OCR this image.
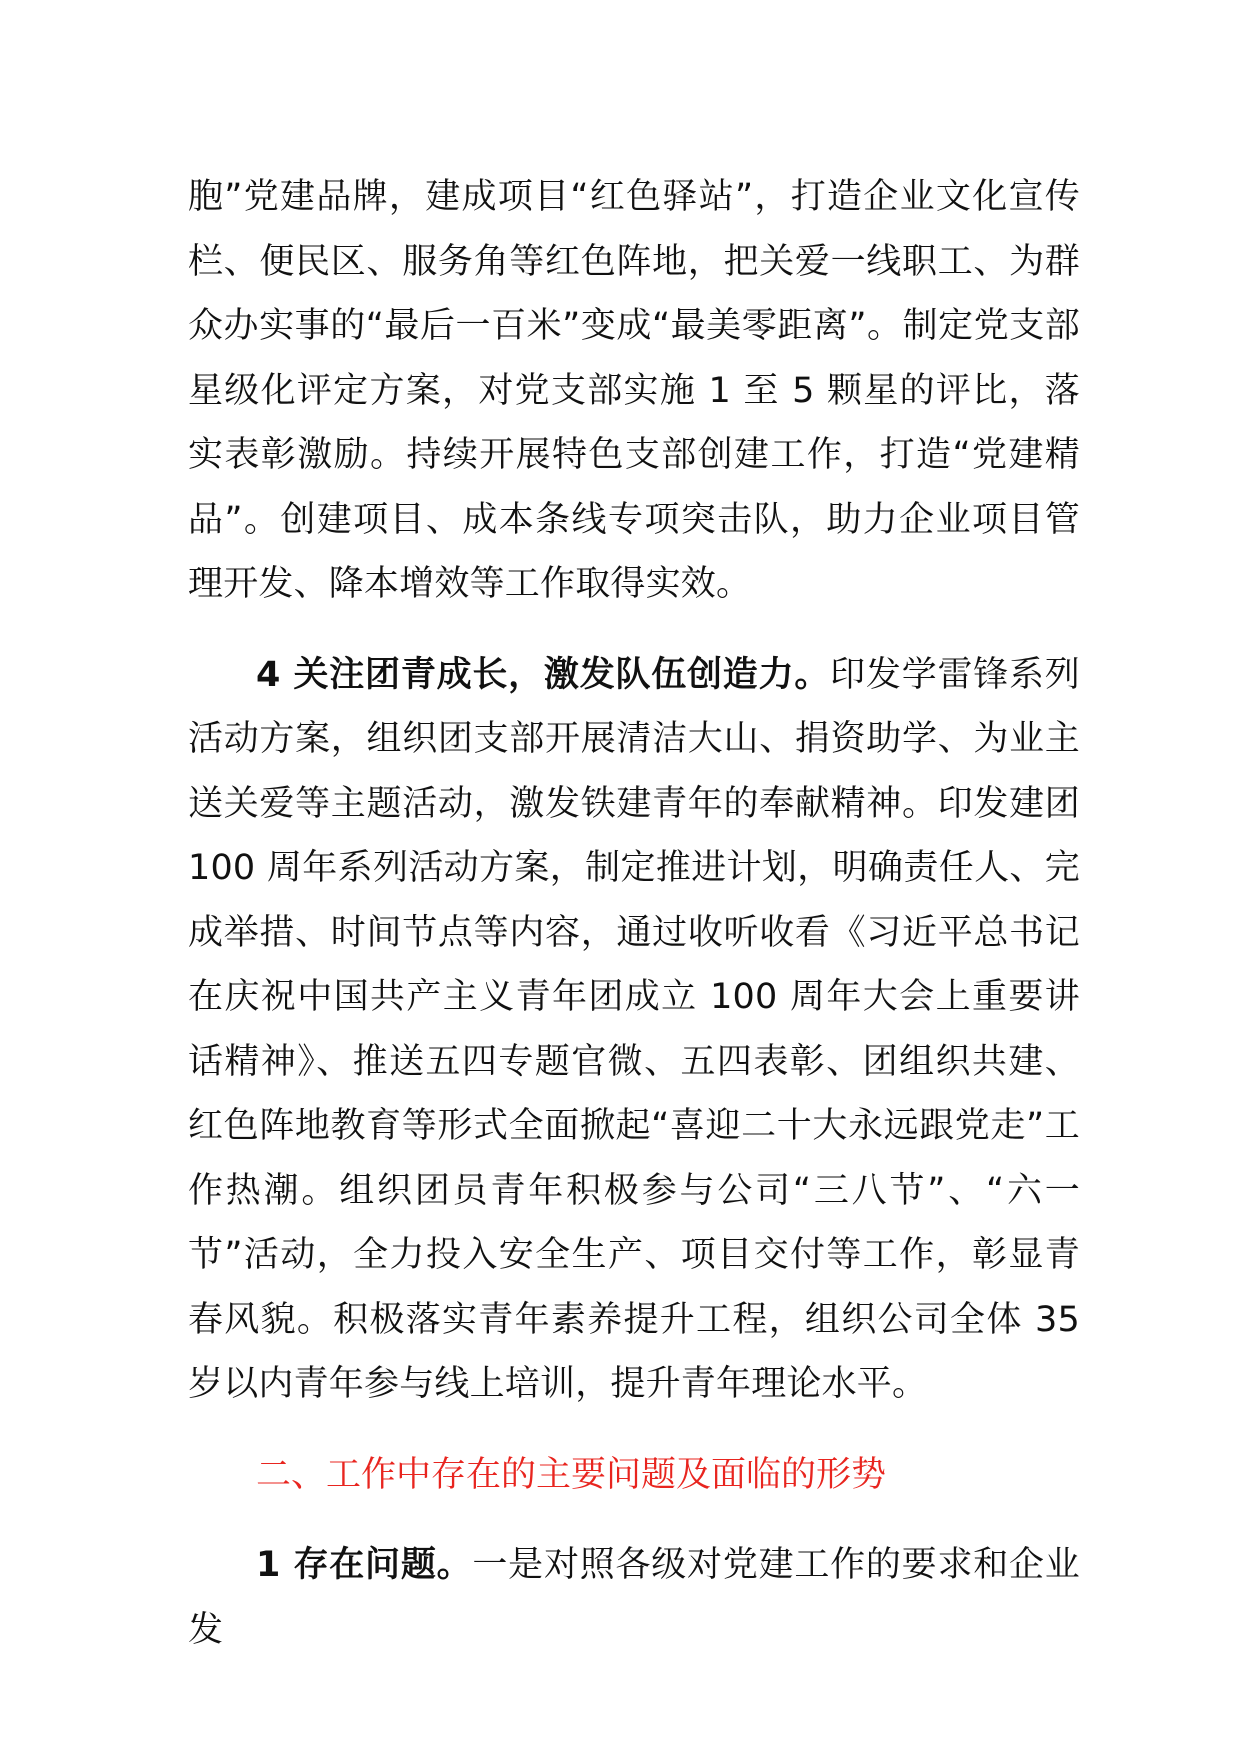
胞”党建品牌，建成项目“红色驿站”，打造企业文化宣传栏、便民区、服务角等红色阵地，把关爱一线职工、为群众办实事的“最后一百米”变成“最美零距离”。制定党支部星级化评定方案，对党支部实施 1 至 5 颗星的评比，落实表彰激励。持续开展特色支部创建工作，打造“党建精品”。创建项目、成本条线专项突击队，助力企业项目管理开发、降本增效等工作取得实效。

4 关注团青成长，激发队伍创造力。印发学雷锋系列活动方案，组织团支部开展清洁大山、捐资助学、为业主送关爱等主题活动，激发铁建青年的奉献精神。印发建团 100 周年系列活动方案，制定推进计划，明确责任人、完成举措、时间节点等内容，通过收听收看《习近平总书记在庆祝中国共产主义青年团成立 100 周年大会上重要讲话精神》、推送五四专题官微、五四表彰、团组织共建、红色阵地教育等形式全面掀起“喜迎二十大永远跟党走”工作热潮。组织团员青年积极参与公司“三八节”、“六一节”活动，全力投入安全生产、项目交付等工作，彰显青春风貌。积极落实青年素养提升工程，组织公司全体 35 岁以内青年参与线上培训，提升青年理论水平。

二、工作中存在的主要问题及面临的形势

1 存在问题。一是对照各级对党建工作的要求和企业发
